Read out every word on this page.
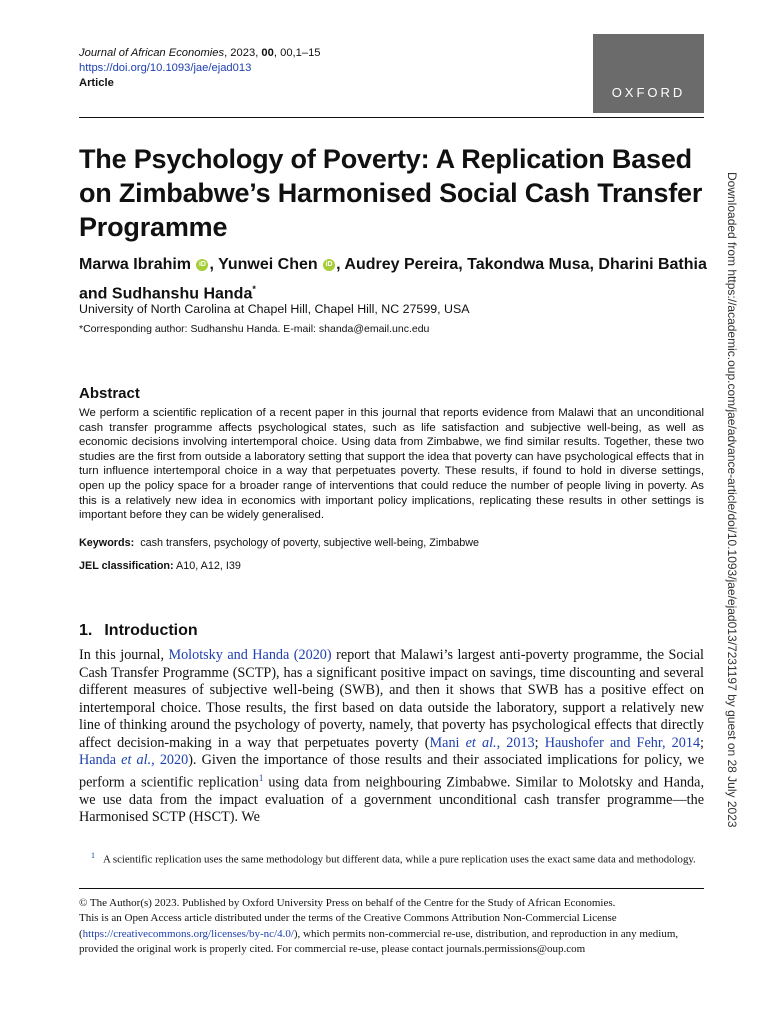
Journal of African Economies, 2023, 00, 00,1–15
https://doi.org/10.1093/jae/ejad013
Article
OXFORD
The Psychology of Poverty: A Replication Based on Zimbabwe’s Harmonised Social Cash Transfer Programme
Marwa Ibrahim iD , Yunwei Chen iD , Audrey Pereira, Takondwa Musa, Dharini Bathia and Sudhanshu Handa*
University of North Carolina at Chapel Hill, Chapel Hill, NC 27599, USA
*Corresponding author: Sudhanshu Handa. E-mail: shanda@email.unc.edu
Abstract
We perform a scientific replication of a recent paper in this journal that reports evidence from Malawi that an unconditional cash transfer programme affects psychological states, such as life satisfaction and subjective well-being, as well as economic decisions involving intertemporal choice. Using data from Zimbabwe, we find similar results. Together, these two studies are the first from outside a laboratory setting that support the idea that poverty can have psychological effects that in turn influence intertemporal choice in a way that perpetuates poverty. These results, if found to hold in diverse settings, open up the policy space for a broader range of interventions that could reduce the number of people living in poverty. As this is a relatively new idea in economics with important policy implications, replicating these results in other settings is important before they can be widely generalised.
Keywords: cash transfers, psychology of poverty, subjective well-being, Zimbabwe
JEL classification: A10, A12, I39
1. Introduction
In this journal, Molotsky and Handa (2020) report that Malawi’s largest anti-poverty programme, the Social Cash Transfer Programme (SCTP), has a significant positive impact on savings, time discounting and several different measures of subjective well-being (SWB), and then it shows that SWB has a positive effect on intertemporal choice. Those results, the first based on data outside the laboratory, support a relatively new line of thinking around the psychology of poverty, namely, that poverty has psychological effects that directly affect decision-making in a way that perpetuates poverty (Mani et al., 2013; Haushofer and Fehr, 2014; Handa et al., 2020). Given the importance of those results and their associated implications for policy, we perform a scientific replication$^1$ using data from neighbouring Zimbabwe. Similar to Molotsky and Handa, we use data from the impact evaluation of a government unconditional cash transfer programme—the Harmonised SCTP (HSCT). We
$^1$ A scientific replication uses the same methodology but different data, while a pure replication uses the exact same data and methodology.
© The Author(s) 2023. Published by Oxford University Press on behalf of the Centre for the Study of African Economies.
This is an Open Access article distributed under the terms of the Creative Commons Attribution Non-Commercial License (https://creativecommons.org/licenses/by-nc/4.0/), which permits non-commercial re-use, distribution, and reproduction in any medium, provided the original work is properly cited. For commercial re-use, please contact journals.permissions@oup.com
Downloaded from https://academic.oup.com/jae/advance-article/doi/10.1093/jae/ejad013/7231197 by guest on 28 July 2023
